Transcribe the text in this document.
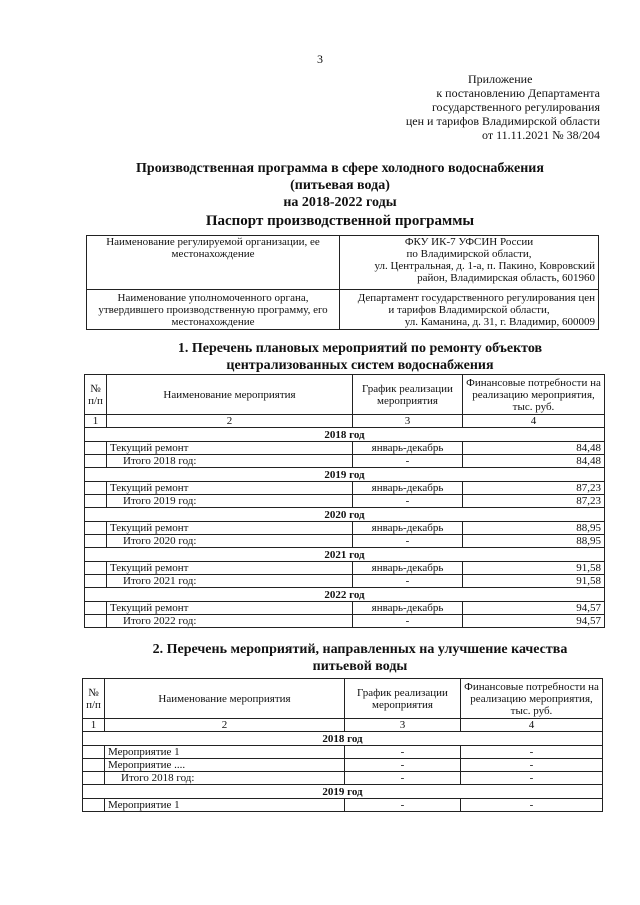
3
Приложение
к постановлению Департамента
государственного регулирования
цен и тарифов Владимирской области
от 11.11.2021 № 38/204
Производственная программа в сфере холодного водоснабжения
(питьевая вода)
на 2018-2022 годы
Паспорт производственной программы
Наименование регулируемой организации, ее местонахождение	ФКУ ИК-7 УФСИН России
по Владимирской области,
ул. Центральная, д. 1-а, п. Пакино, Ковровский
район, Владимирская область, 601960

Наименование уполномоченного органа, утвердившего производственную программу, его местонахождение	Департамент государственного регулирования цен
и тарифов Владимирской области,
ул. Каманина, д. 31, г. Владимир, 600009
1. Перечень плановых мероприятий по ремонту объектов
централизованных систем водоснабжения
№ п/п	Наименование мероприятия	График реализации мероприятия	Финансовые потребности на реализацию мероприятия, тыс. руб.
1	2	3	4
2018 год			
	Текущий ремонт	январь-декабрь	84,48
	Итого 2018 год:	-	84,48
2019 год			
	Текущий ремонт	январь-декабрь	87,23
	Итого 2019 год:	-	87,23
2020 год			
	Текущий ремонт	январь-декабрь	88,95
	Итого 2020 год:	-	88,95
2021 год			
	Текущий ремонт	январь-декабрь	91,58
	Итого 2021 год:	-	91,58
2022 год			
	Текущий ремонт	январь-декабрь	94,57
	Итого 2022 год:	-	94,57
2. Перечень мероприятий, направленных на улучшение качества
питьевой воды
№ п/п	Наименование мероприятия	График реализации мероприятия	Финансовые потребности на реализацию мероприятия, тыс. руб.
1	2	3	4
2018 год			
	Мероприятие 1	-	-
	Мероприятие ....	-	-
	Итого 2018 год:	-	-
2019 год			
	Мероприятие 1	-	-
